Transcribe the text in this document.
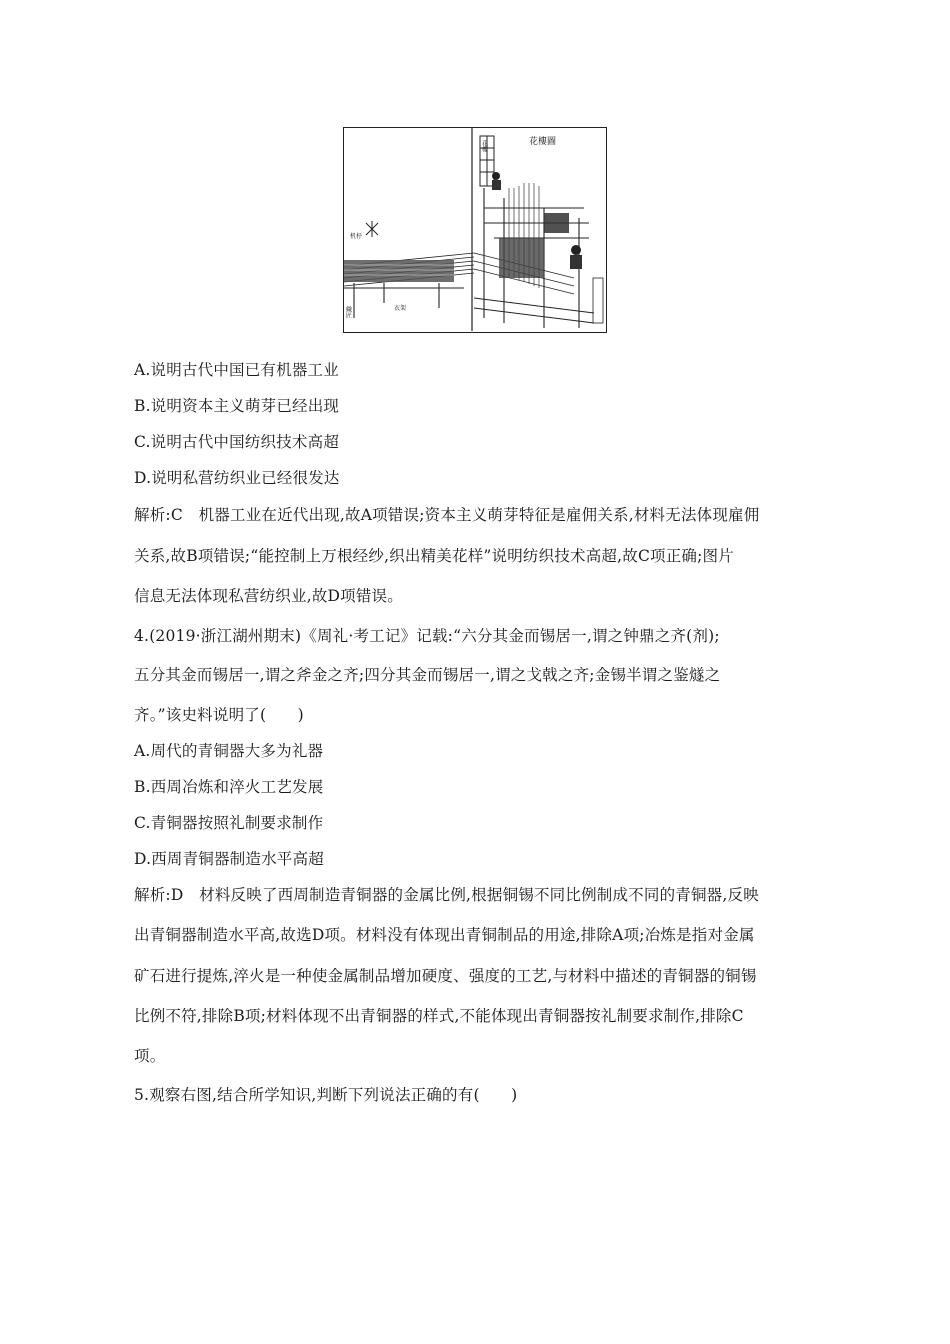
花樓圖
花樓
机杼
織匠	衣架
A.说明古代中国已有机器工业
B.说明资本主义萌芽已经出现
C.说明古代中国纺织技术高超
D.说明私营纺织业已经很发达
解析:C　机器工业在近代出现,故A项错误;资本主义萌芽特征是雇佣关系,材料无法体现雇佣
关系,故B项错误;“能控制上万根经纱,织出精美花样”说明纺织技术高超,故C项正确;图片
信息无法体现私营纺织业,故D项错误。
4.(2019·浙江湖州期末)《周礼·考工记》记载:“六分其金而锡居一,谓之钟鼎之齐(剂);
五分其金而锡居一,谓之斧金之齐;四分其金而锡居一,谓之戈戟之齐;金锡半谓之鉴燧之
齐。”该史料说明了(　　)
A.周代的青铜器大多为礼器
B.西周冶炼和淬火工艺发展
C.青铜器按照礼制要求制作
D.西周青铜器制造水平高超
解析:D　材料反映了西周制造青铜器的金属比例,根据铜锡不同比例制成不同的青铜器,反映
出青铜器制造水平高,故选D项。材料没有体现出青铜制品的用途,排除A项;冶炼是指对金属
矿石进行提炼,淬火是一种使金属制品增加硬度、强度的工艺,与材料中描述的青铜器的铜锡
比例不符,排除B项;材料体现不出青铜器的样式,不能体现出青铜器按礼制要求制作,排除C
项。
5.观察右图,结合所学知识,判断下列说法正确的有(　　)
